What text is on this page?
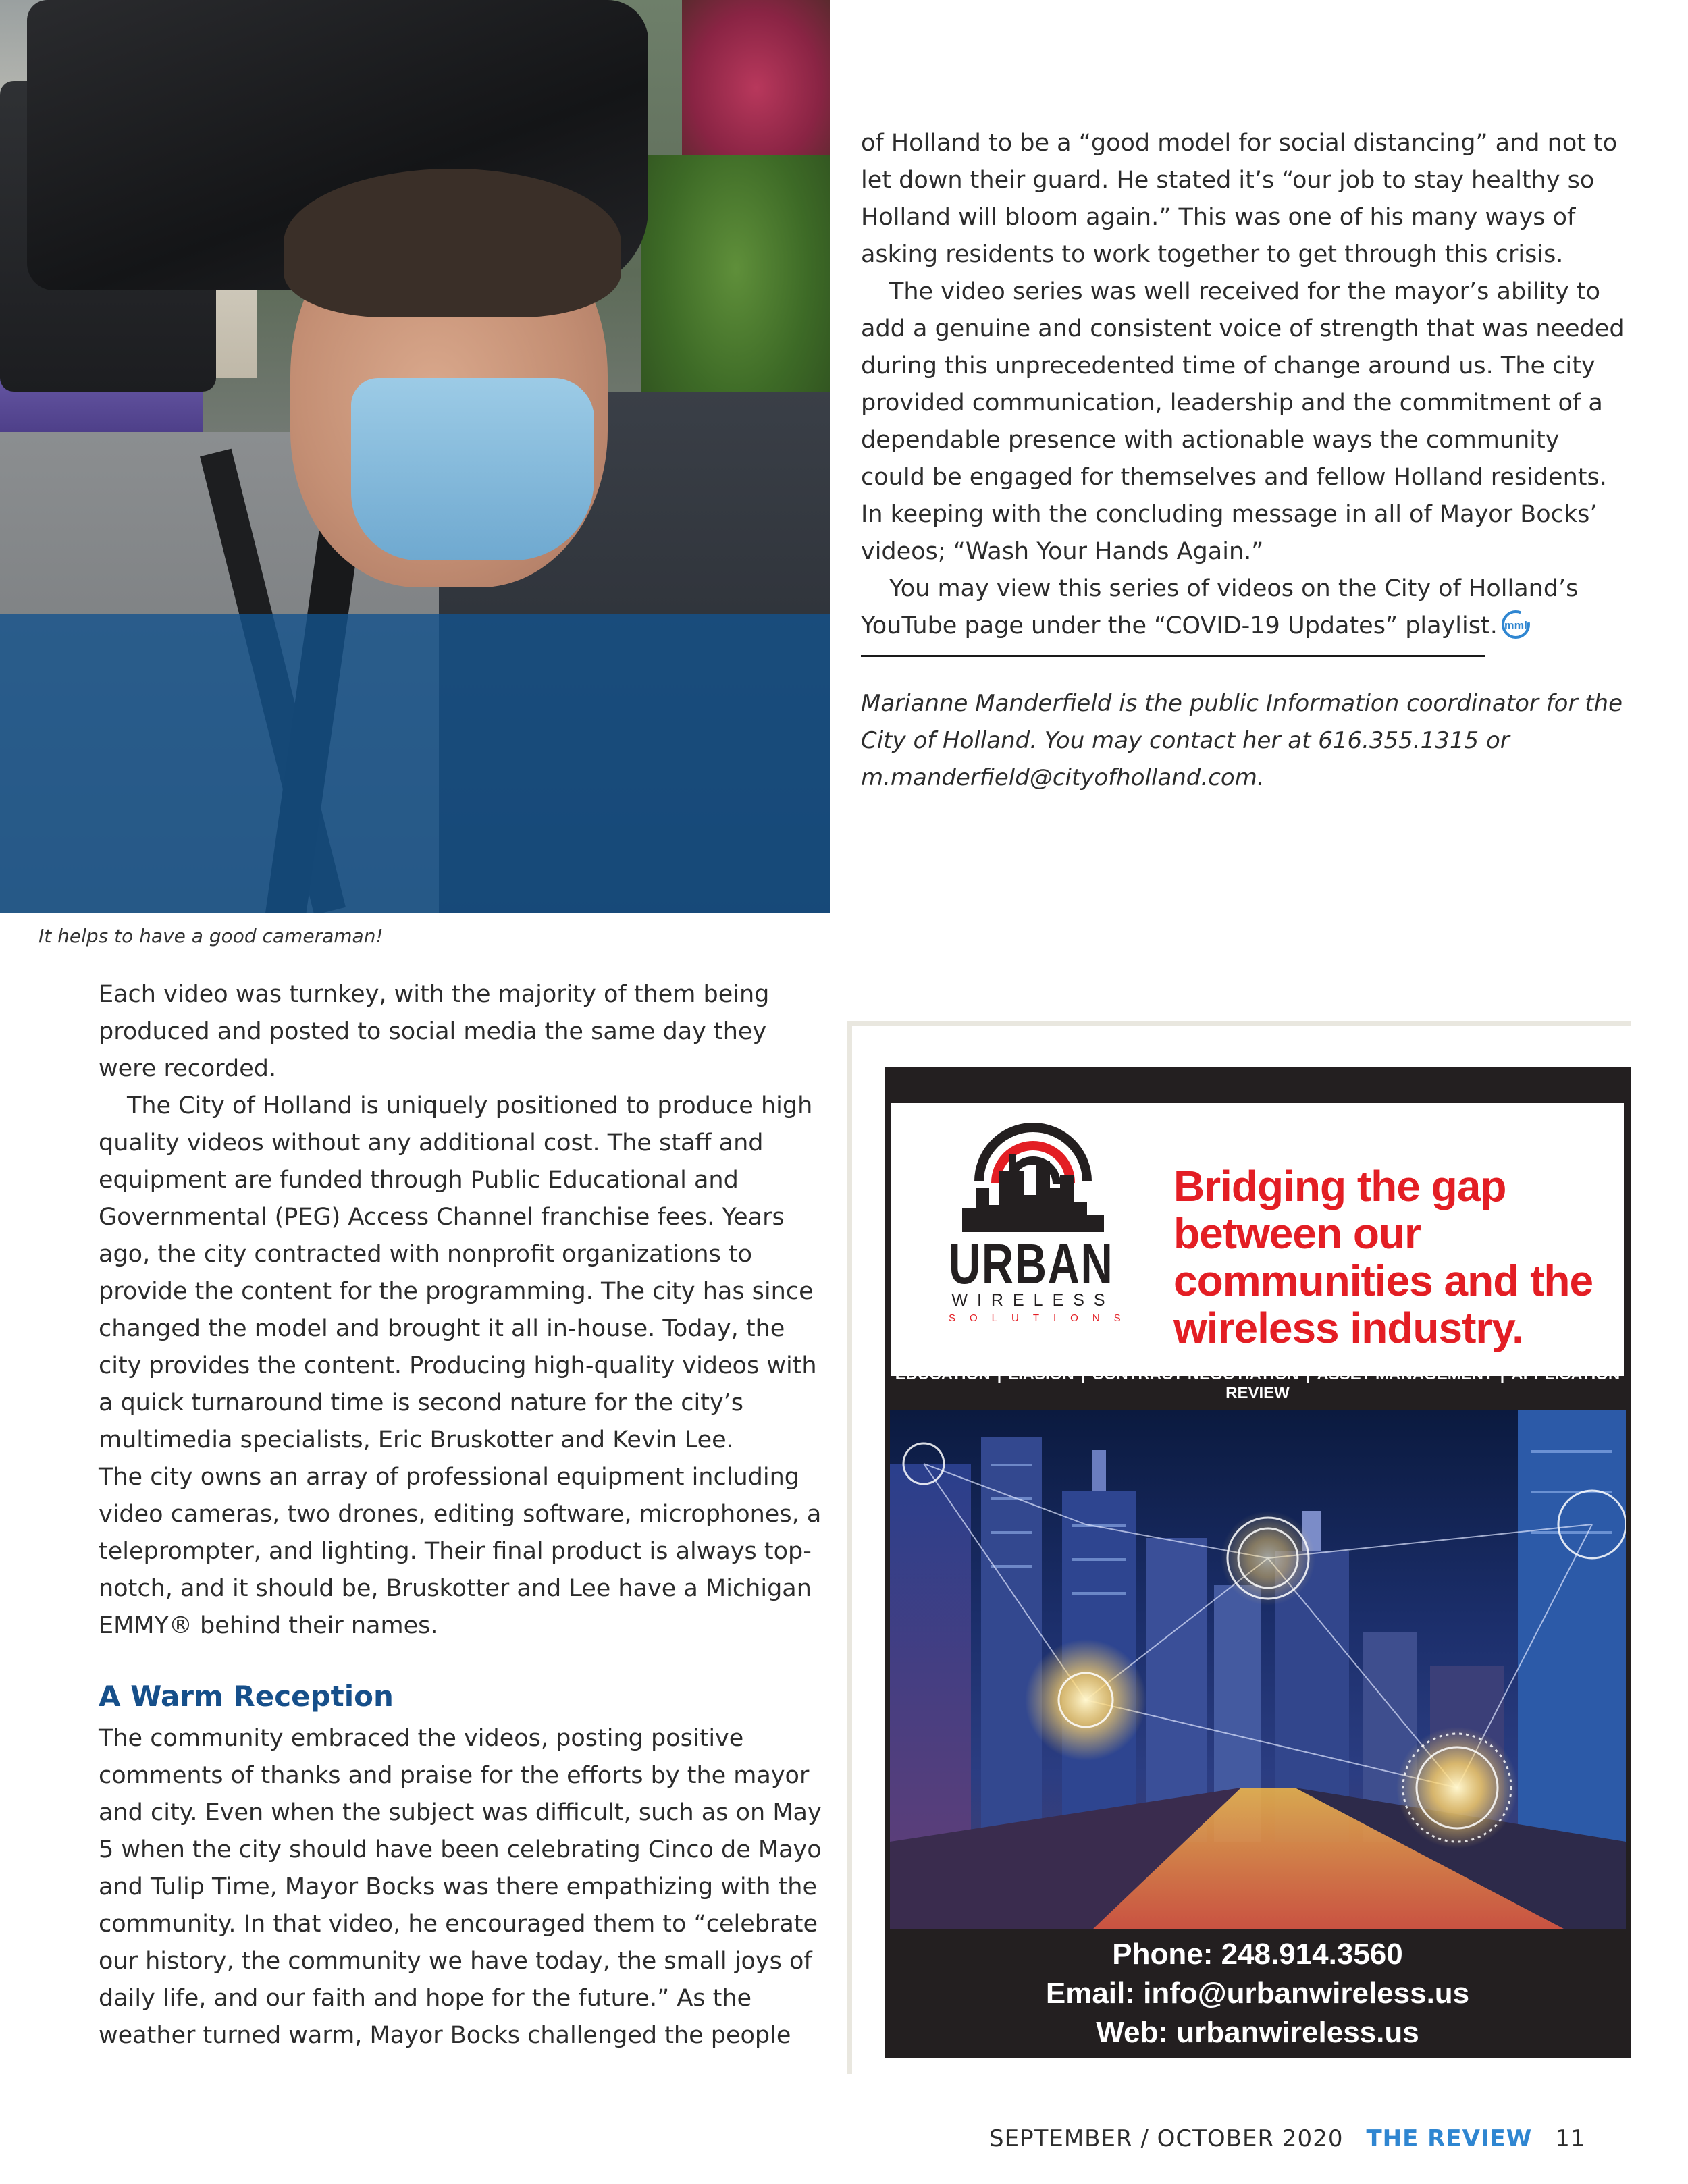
It helps to have a good cameraman!

of Holland to be a “good model for social distancing” and not to let down their guard. He stated it’s “our job to stay healthy so Holland will bloom again.” This was one of his many ways of asking residents to work together to get through this crisis.

The video series was well received for the mayor’s ability to add a genuine and consistent voice of strength that was needed during this unprecedented time of change around us. The city provided communication, leadership and the commitment of a dependable presence with actionable ways the community could be engaged for themselves and fellow Holland residents. In keeping with the concluding message in all of Mayor Bocks’ videos; “Wash Your Hands Again.”

You may view this series of videos on the City of Holland’s YouTube page under the “COVID-19 Updates” playlist. mml
Marianne Manderfield is the public Information coordinator for the City of Holland. You may contact her at 616.355.1315 or m.manderfield@cityofholland.com.

Each video was turnkey, with the majority of them being produced and posted to social media the same day they were recorded.

The City of Holland is uniquely positioned to produce high quality videos without any additional cost. The staff and equipment are funded through Public Educational and Governmental (PEG) Access Channel franchise fees. Years ago, the city contracted with nonprofit organizations to provide the content for the programming. The city has since changed the model and brought it all in-house. Today, the city provides the content. Producing high-quality videos with a quick turnaround time is second nature for the city’s multimedia specialists, Eric Bruskotter and Kevin Lee.

The city owns an array of professional equipment including video cameras, two drones, editing software, microphones, a teleprompter, and lighting. Their final product is always top-notch, and it should be, Bruskotter and Lee have a Michigan EMMY® behind their names.

A Warm Reception

The community embraced the videos, posting positive comments of thanks and praise for the efforts by the mayor and city. Even when the subject was difficult, such as on May 5 when the city should have been celebrating Cinco de Mayo and Tulip Time, Mayor Bocks was there empathizing with the community. In that video, he encouraged them to “celebrate our history, the community we have today, the small joys of daily life, and our faith and hope for the future.” As the weather turned warm, Mayor Bocks challenged the people

URBAN
WIRELESS
SOLUTIONS
Bridging the gap between our communities and the wireless industry.
EDUCATION | LIASION | CONTRACT NEGOTIATION | ASSET MANAGEMENT | APPLICATION REVIEW
Phone: 248.914.3560
Email: info@urbanwireless.us
Web: urbanwireless.us
SEPTEMBER / OCTOBER 2020 THE REVIEW 11
